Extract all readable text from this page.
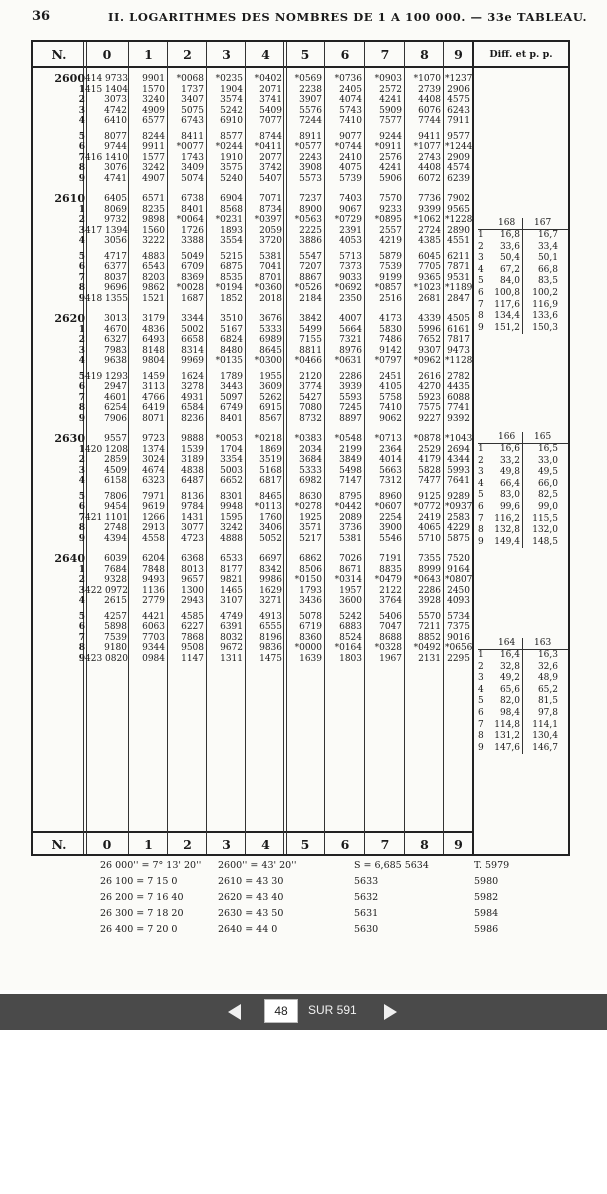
36	II. LOGARITHMES DES NOMBRES DE 1 A 100 000. — 33e TABLEAU.
N.	0	1	2	3	4	5	6	7	8	9
N.	0	1	2	3	4	5	6	7	8	9
2600 414 9733	9901	*0068	*0235	*0402	*0569	*0736	*0903	*1070 *1237
1 415 1404	1570	1737	1904	2071	2238	2405	2572	2739 2906
2	3073	3240	3407	3574	3741	3907	4074	4241	4408 4575
3	4742	4909	5075	5242	5409	5576	5743	5909	6076 6243
4	6410	6577	6743	6910	7077	7244	7410	7577	7744 7911
5	8077	8244	8411	8577	8744	8911	9077	9244	9411 9577
6	9744	9911	*0077	*0244	*0411	*0577	*0744	*0911	*1077 *1244
7 416 1410	1577	1743	1910	2077	2243	2410	2576	2743 2909
8	3076	3242	3409	3575	3742	3908	4075	4241	4408 4574
9	4741	4907	5074	5240	5407	5573	5739	5906	6072 6239
2610	6405	6571	6738	6904	7071	7237	7403	7570	7736 7902
1	8069	8235	8401	8568	8734	8900	9067	9233	9399 9565
2	9732	9898	*0064	*0231	*0397	*0563	*0729	*0895	*1062 *1228
3 417 1394	1560	1726	1893	2059	2225	2391	2557	2724 2890
4	3056	3222	3388	3554	3720	3886	4053	4219	4385 4551
5	4717	4883	5049	5215	5381	5547	5713	5879	6045 6211
6	6377	6543	6709	6875	7041	7207	7373	7539	7705 7871
7	8037	8203	8369	8535	8701	8867	9033	9199	9365 9531
8	9696	9862	*0028	*0194	*0360	*0526	*0692	*0857	*1023 *1189
9 418 1355	1521	1687	1852	2018	2184	2350	2516	2681 2847
2620	3013	3179	3344	3510	3676	3842	4007	4173	4339 4505
1	4670	4836	5002	5167	5333	5499	5664	5830	5996 6161
2	6327	6493	6658	6824	6989	7155	7321	7486	7652 7817
3	7983	8148	8314	8480	8645	8811	8976	9142	9307 9473
4	9638	9804	9969	*0135	*0300	*0466	*0631	*0797	*0962 *1128
5 419 1293	1459	1624	1789	1955	2120	2286	2451	2616 2782
6	2947	3113	3278	3443	3609	3774	3939	4105	4270 4435
7	4601	4766	4931	5097	5262	5427	5593	5758	5923 6088
8	6254	6419	6584	6749	6915	7080	7245	7410	7575 7741
9	7906	8071	8236	8401	8567	8732	8897	9062	9227 9392
2630	9557	9723	9888	*0053	*0218	*0383	*0548	*0713	*0878 *1043
1 420 1208	1374	1539	1704	1869	2034	2199	2364	2529 2694
2	2859	3024	3189	3354	3519	3684	3849	4014	4179 4344
3	4509	4674	4838	5003	5168	5333	5498	5663	5828 5993
4	6158	6323	6487	6652	6817	6982	7147	7312	7477 7641
5	7806	7971	8136	8301	8465	8630	8795	8960	9125 9289
6	9454	9619	9784	9948	*0113	*0278	*0442	*0607	*0772 *0937
7 421 1101	1266	1431	1595	1760	1925	2089	2254	2419 2583
8	2748	2913	3077	3242	3406	3571	3736	3900	4065 4229
9	4394	4558	4723	4888	5052	5217	5381	5546	5710 5875
2640	6039	6204	6368	6533	6697	6862	7026	7191	7355 7520
1	7684	7848	8013	8177	8342	8506	8671	8835	8999 9164
2	9328	9493	9657	9821	9986	*0150	*0314	*0479	*0643 *0807
3 422 0972	1136	1300	1465	1629	1793	1957	2122	2286 2450
4	2615	2779	2943	3107	3271	3436	3600	3764	3928 4093
5	4257	4421	4585	4749	4913	5078	5242	5406	5570 5734
6	5898	6063	6227	6391	6555	6719	6883	7047	7211 7375
7	7539	7703	7868	8032	8196	8360	8524	8688	8852 9016
8	9180	9344	9508	9672	9836	*0000	*0164	*0328	*0492 *0656
9 423 0820	0984	1147	1311	1475	1639	1803	1967	2131 2295
Diff. et p. p.
168 167
1	16,8	16,7
2	33,6	33,4
3	50,4	50,1
4	67,2	66,8
5	84,0	83,5
6	100,8	100,2
7	117,6	116,9
8	134,4	133,6
9	151,2	150,3
166 165
1	16,6	16,5
2	33,2	33,0
3	49,8	49,5
4	66,4	66,0
5	83,0	82,5
6	99,6	99,0
7	116,2	115,5
8	132,8	132,0
9	149,4	148,5
164 163
1	16,4	16,3
2	32,8	32,6
3	49,2	48,9
4	65,6	65,2
5	82,0	81,5
6	98,4	97,8
7	114,8	114,1
8	131,2	130,4
9	147,6	146,7
26 000'' = 7° 13' 20'' 2600'' = 43' 20''	S = 6,685 5634	T. 5979
26 100 = 7 15 0	2610 = 43 30	5633	5980
26 200 = 7 16 40	2620 = 43 40	5632	5982
26 300 = 7 18 20	2630 = 43 50	5631	5984
26 400 = 7 20 0	2640 = 44 0	5630	5986
48	SUR 591
